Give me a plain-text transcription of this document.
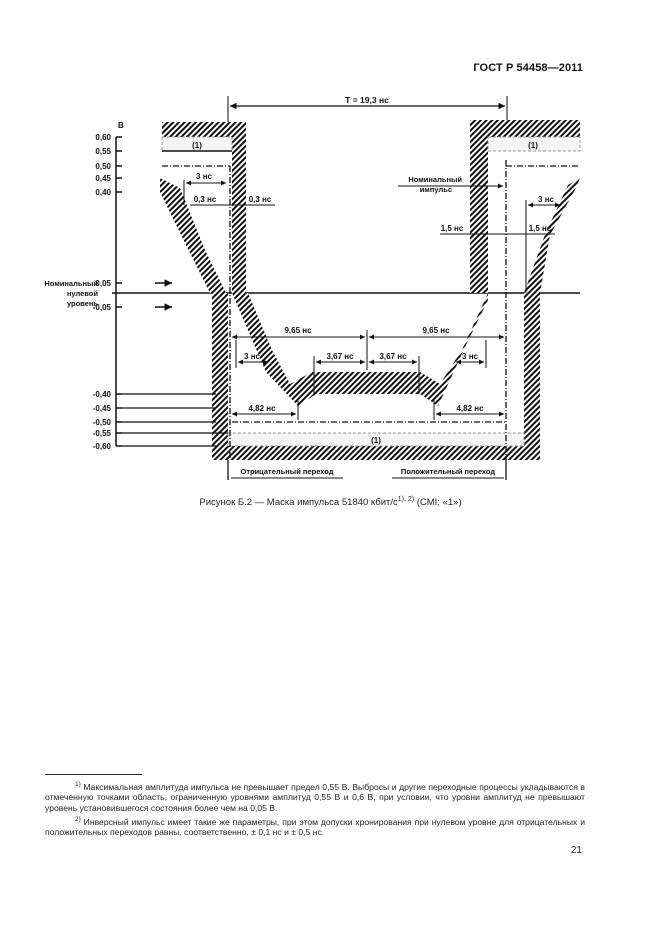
ГОСТ Р 54458—2011
В
0,60
0,55
0,50
0,45
0,40
0,05
-0,05
-0,40
-0,45
-0,50
-0,55
-0,60
Номинальный
нулевой
уровень
T = 19,3 нс
(1)	(1)
(1)
Номинальный
импульс
3 нс
0,3 нс	0,3 нс	3 нс
1,5 нс	1,5 нс
9,65 нс	9,65 нс
3 нс	3 нс
3,67 нс	3,67 нс
4,82 нс	4,82 нс
Отрицательный переход	Положительный переход
Рисунок Б.2 — Маска импульса 51840 кбит/$с^{1), 2)}$ (CMI; «1»)
$^{1)}$ Максимальная амплитуда импульса не превышает предел 0,55 В. Выбросы и другие переходные процессы укладываются в отмеченную точками область, ограниченную уровнями амплитуд 0,55 В и 0,6 В, при условии, что уровни амплитуд не превышают уровень установившегося состояния более чем на 0,05 В.
$^{2)}$ Инверсный импульс имеет такие же параметры, при этом допуски хронирования при нулевом уровне для отрицательных и положительных переходов равны, соответственно, ± 0,1 нс и ± 0,5 нс.
21
